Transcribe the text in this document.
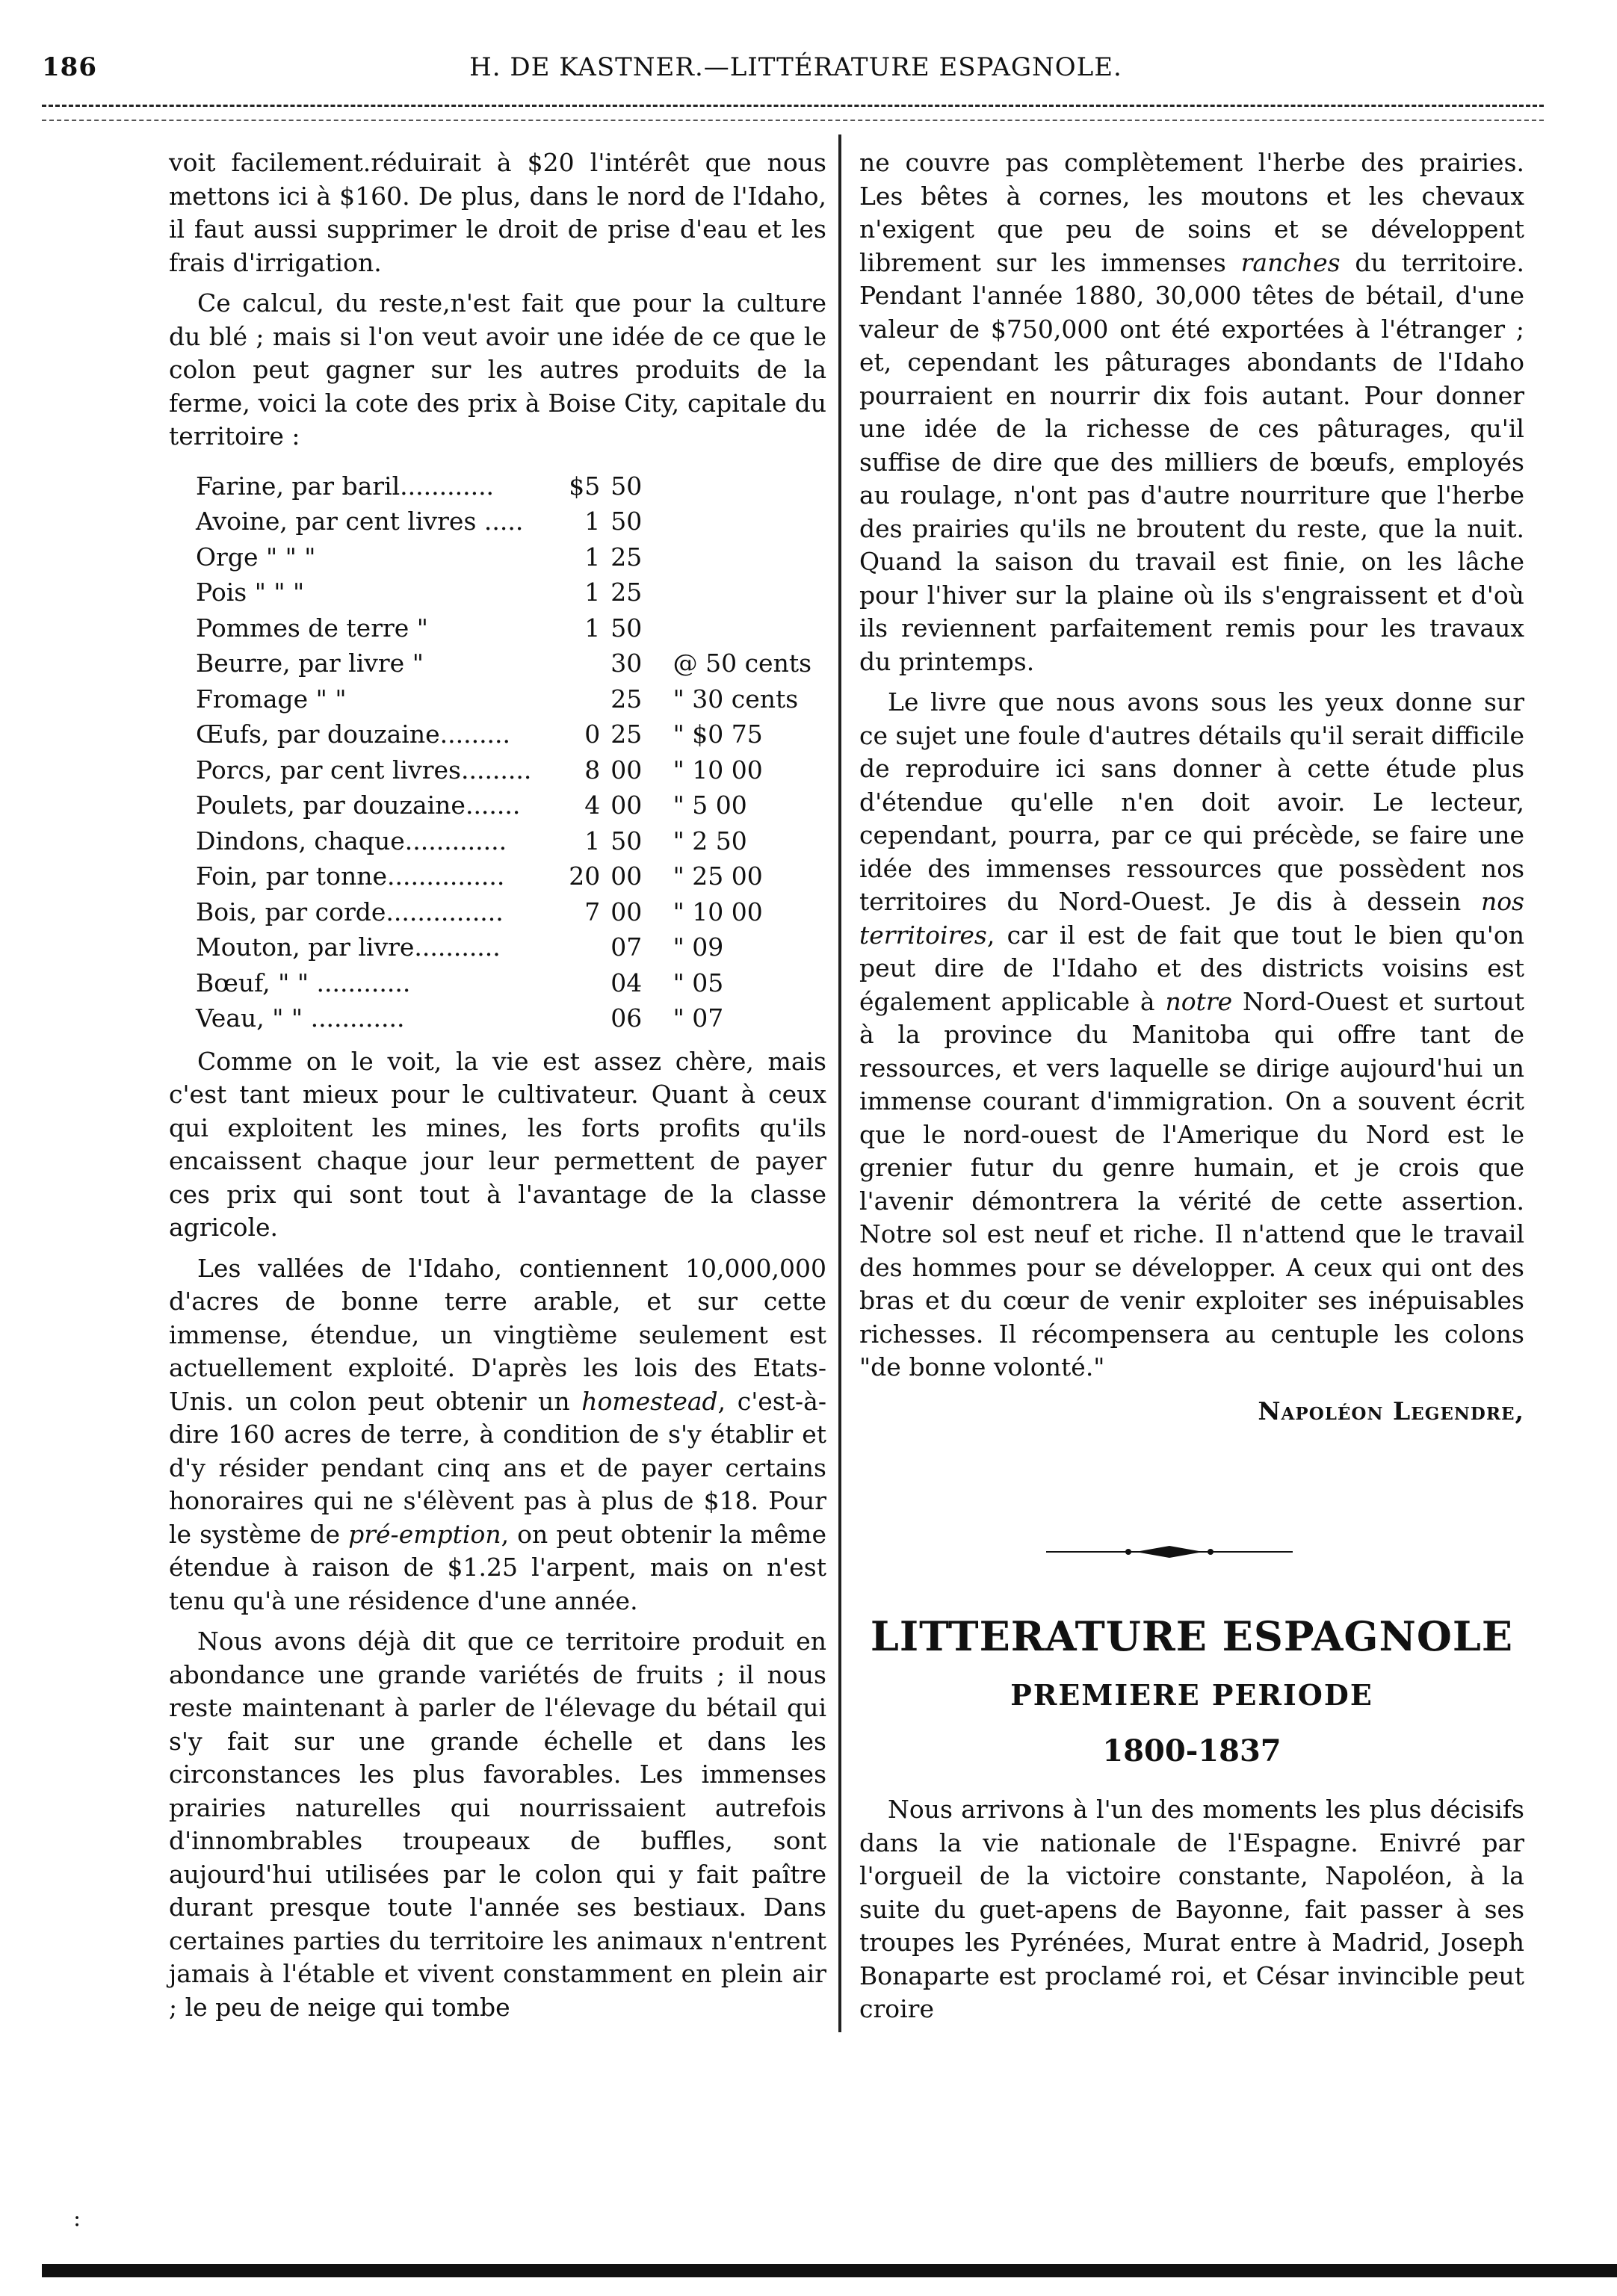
186	H. DE KASTNER.—LITTÉRATURE ESPAGNOLE.

voit facilement.réduirait à $20 l'intérêt que nous mettons ici à $160. De plus, dans le nord de l'Idaho, il faut aussi supprimer le droit de prise d'eau et les frais d'irrigation.

Ce calcul, du reste,n'est fait que pour la culture du blé ; mais si l'on veut avoir une idée de ce que le colon peut gagner sur les autres produits de la ferme, voici la cote des prix à Boise City, capitale du territoire :

Farine, par baril............	$5	50	
Avoine, par cent livres .....	1	50	
Orge " " "	1	25	
Pois " " "	1	25	
Pommes de terre "	1	50	
Beurre, par livre "		30	@ 50 cents
Fromage " "		25	" 30 cents
Œufs, par douzaine.........	0	25	" $0 75
Porcs, par cent livres.........	8	00	" 10 00
Poulets, par douzaine.......	4	00	" 5 00
Dindons, chaque.............	1	50	" 2 50
Foin, par tonne...............	20	00	" 25 00
Bois, par corde...............	7	00	" 10 00
Mouton, par livre...........		07	" 09
Bœuf, " " ............		04	" 05
Veau, " " ............		06	" 07

Comme on le voit, la vie est assez chère, mais c'est tant mieux pour le cultivateur. Quant à ceux qui exploitent les mines, les forts profits qu'ils encaissent chaque jour leur permettent de payer ces prix qui sont tout à l'avantage de la classe agricole.

Les vallées de l'Idaho, contiennent 10,000,000 d'acres de bonne terre arable, et sur cette immense, étendue, un vingtième seulement est actuellement exploité. D'après les lois des Etats-Unis. un colon peut obtenir un homestead, c'est-à-dire 160 acres de terre, à condition de s'y établir et d'y résider pendant cinq ans et de payer certains honoraires qui ne s'élèvent pas à plus de $18. Pour le système de pré-emption, on peut obtenir la même étendue à raison de $1.25 l'arpent, mais on n'est tenu qu'à une résidence d'une année.

Nous avons déjà dit que ce territoire produit en abondance une grande variétés de fruits ; il nous reste maintenant à parler de l'élevage du bétail qui s'y fait sur une grande échelle et dans les circonstances les plus favorables. Les immenses prairies naturelles qui nourrissaient autrefois d'innombrables troupeaux de buffles, sont aujourd'hui utilisées par le colon qui y fait paître durant presque toute l'année ses bestiaux. Dans certaines parties du territoire les animaux n'entrent jamais à l'étable et vivent constamment en plein air ; le peu de neige qui tombe

ne couvre pas complètement l'herbe des prairies. Les bêtes à cornes, les moutons et les chevaux n'exigent que peu de soins et se développent librement sur les immenses ranches du territoire. Pendant l'année 1880, 30,000 têtes de bétail, d'une valeur de $750,000 ont été exportées à l'étranger ; et, cependant les pâturages abondants de l'Idaho pourraient en nourrir dix fois autant. Pour donner une idée de la richesse de ces pâturages, qu'il suffise de dire que des milliers de bœufs, employés au roulage, n'ont pas d'autre nourriture que l'herbe des prairies qu'ils ne broutent du reste, que la nuit. Quand la saison du travail est finie, on les lâche pour l'hiver sur la plaine où ils s'engraissent et d'où ils reviennent parfaitement remis pour les travaux du printemps.

Le livre que nous avons sous les yeux donne sur ce sujet une foule d'autres détails qu'il serait difficile de reproduire ici sans donner à cette étude plus d'étendue qu'elle n'en doit avoir. Le lecteur, cependant, pourra, par ce qui précède, se faire une idée des immenses ressources que possèdent nos territoires du Nord-Ouest. Je dis à dessein nos territoires, car il est de fait que tout le bien qu'on peut dire de l'Idaho et des districts voisins est également applicable à notre Nord-Ouest et surtout à la province du Manitoba qui offre tant de ressources, et vers laquelle se dirige aujourd'hui un immense courant d'immigration. On a souvent écrit que le nord-ouest de l'Amerique du Nord est le grenier futur du genre humain, et je crois que l'avenir démontrera la vérité de cette assertion. Notre sol est neuf et riche. Il n'attend que le travail des hommes pour se développer. A ceux qui ont des bras et du cœur de venir exploiter ses inépuisables richesses. Il récompensera au centuple les colons "de bonne volonté."

Napoléon Legendre,
LITTERATURE ESPAGNOLE
PREMIERE PERIODE
1800-1837

Nous arrivons à l'un des moments les plus décisifs dans la vie nationale de l'Espagne. Enivré par l'orgueil de la victoire constante, Napoléon, à la suite du guet-apens de Bayonne, fait passer à ses troupes les Pyrénées, Murat entre à Madrid, Joseph Bonaparte est proclamé roi, et César invincible peut croire

:
